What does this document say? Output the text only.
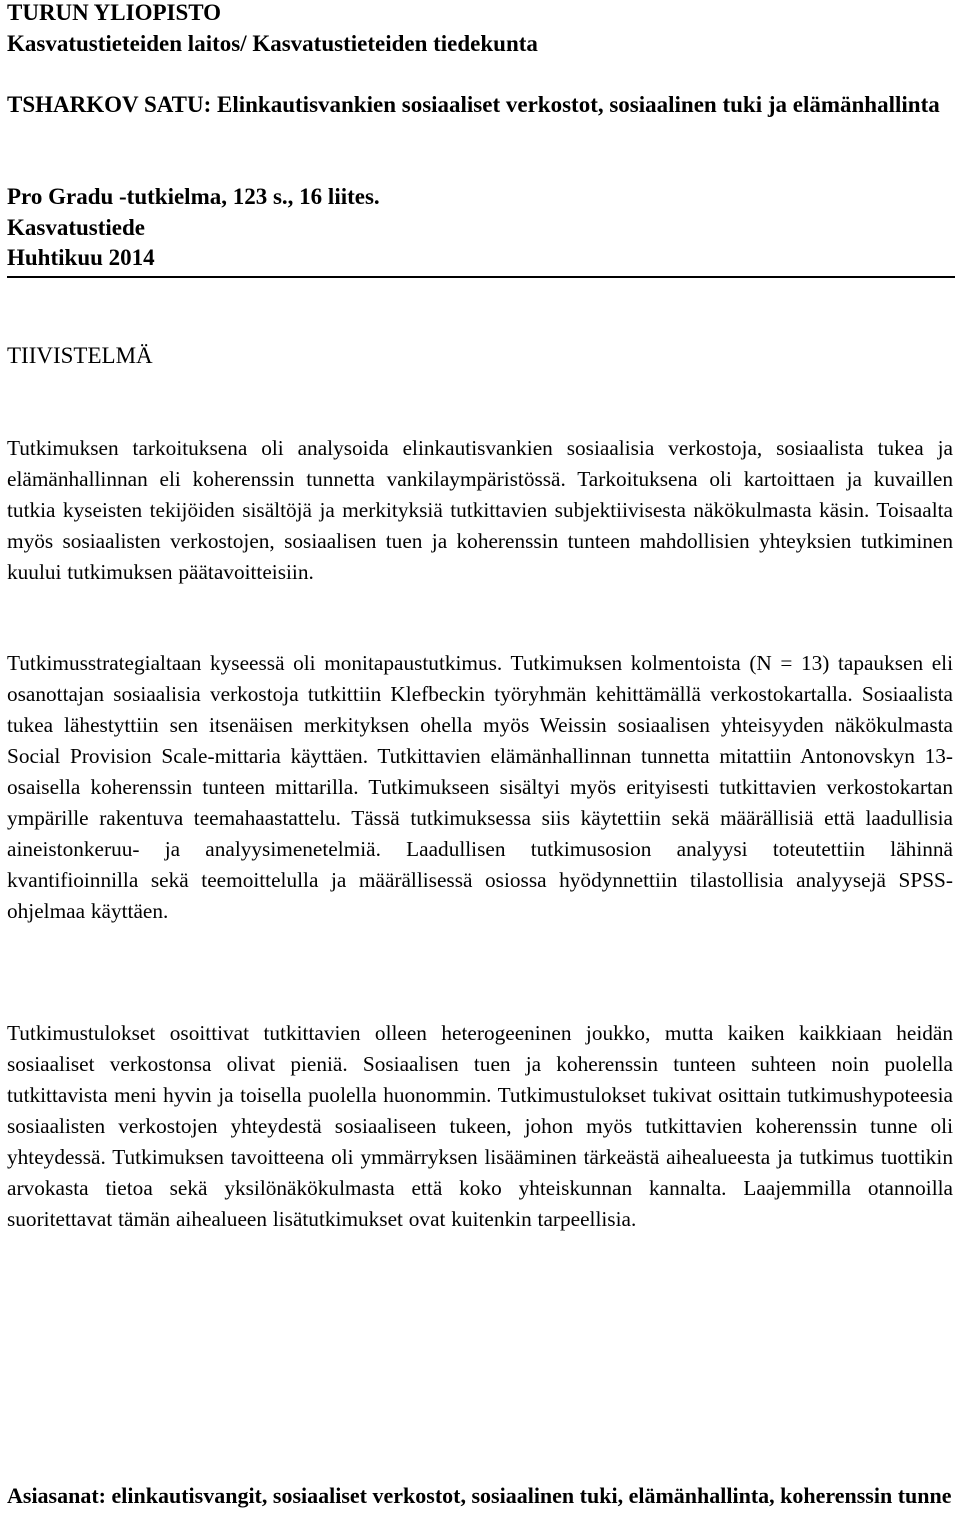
TURUN YLIOPISTO

Kasvatustieteiden laitos/ Kasvatustieteiden tiedekunta

TSHARKOV SATU: Elinkautisvankien sosiaaliset verkostot, sosiaalinen tuki ja elämänhallinta

Pro Gradu -tutkielma, 123 s., 16 liites.

Kasvatustiede

Huhtikuu 2014

TIIVISTELMÄ

Tutkimuksen tarkoituksena oli analysoida elinkautisvankien sosiaalisia verkostoja, sosiaalista tukea ja elämänhallinnan eli koherenssin tunnetta vankilaympäristössä. Tarkoituksena oli kartoittaen ja kuvaillen tutkia kyseisten tekijöiden sisältöjä ja merkityksiä tutkittavien subjektiivisesta näkökulmasta käsin. Toisaalta myös sosiaalisten verkostojen, sosiaalisen tuen ja koherenssin tunteen mahdollisien yhteyksien tutkiminen kuului tutkimuksen päätavoitteisiin.

Tutkimusstrategialtaan kyseessä oli monitapaustutkimus. Tutkimuksen kolmentoista (N = 13) tapauksen eli osanottajan sosiaalisia verkostoja tutkittiin Klefbeckin työryhmän kehittämällä verkostokartalla. Sosiaalista tukea lähestyttiin sen itsenäisen merkityksen ohella myös Weissin sosiaalisen yhteisyyden näkökulmasta Social Provision Scale-mittaria käyttäen. Tutkittavien elämänhallinnan tunnetta mitattiin Antonovskyn 13-osaisella koherenssin tunteen mittarilla. Tutkimukseen sisältyi myös erityisesti tutkittavien verkostokartan ympärille rakentuva teemahaastattelu. Tässä tutkimuksessa siis käytettiin sekä määrällisiä että laadullisia aineistonkeruu- ja analyysimenetelmiä. Laadullisen tutkimusosion analyysi toteutettiin lähinnä kvantifioinnilla sekä teemoittelulla ja määrällisessä osiossa hyödynnettiin tilastollisia analyysejä SPSS-ohjelmaa käyttäen.

Tutkimustulokset osoittivat tutkittavien olleen heterogeeninen joukko, mutta kaiken kaikkiaan heidän sosiaaliset verkostonsa olivat pieniä. Sosiaalisen tuen ja koherenssin tunteen suhteen noin puolella tutkittavista meni hyvin ja toisella puolella huonommin. Tutkimustulokset tukivat osittain tutkimushypoteesia sosiaalisten verkostojen yhteydestä sosiaaliseen tukeen, johon myös tutkittavien koherenssin tunne oli yhteydessä. Tutkimuksen tavoitteena oli ymmärryksen lisääminen tärkeästä aihealueesta ja tutkimus tuottikin arvokasta tietoa sekä yksilönäkökulmasta että koko yhteiskunnan kannalta. Laajemmilla otannoilla suoritettavat tämän aihealueen lisätutkimukset ovat kuitenkin tarpeellisia.

Asiasanat: elinkautisvangit, sosiaaliset verkostot, sosiaalinen tuki, elämänhallinta, koherenssin tunne
